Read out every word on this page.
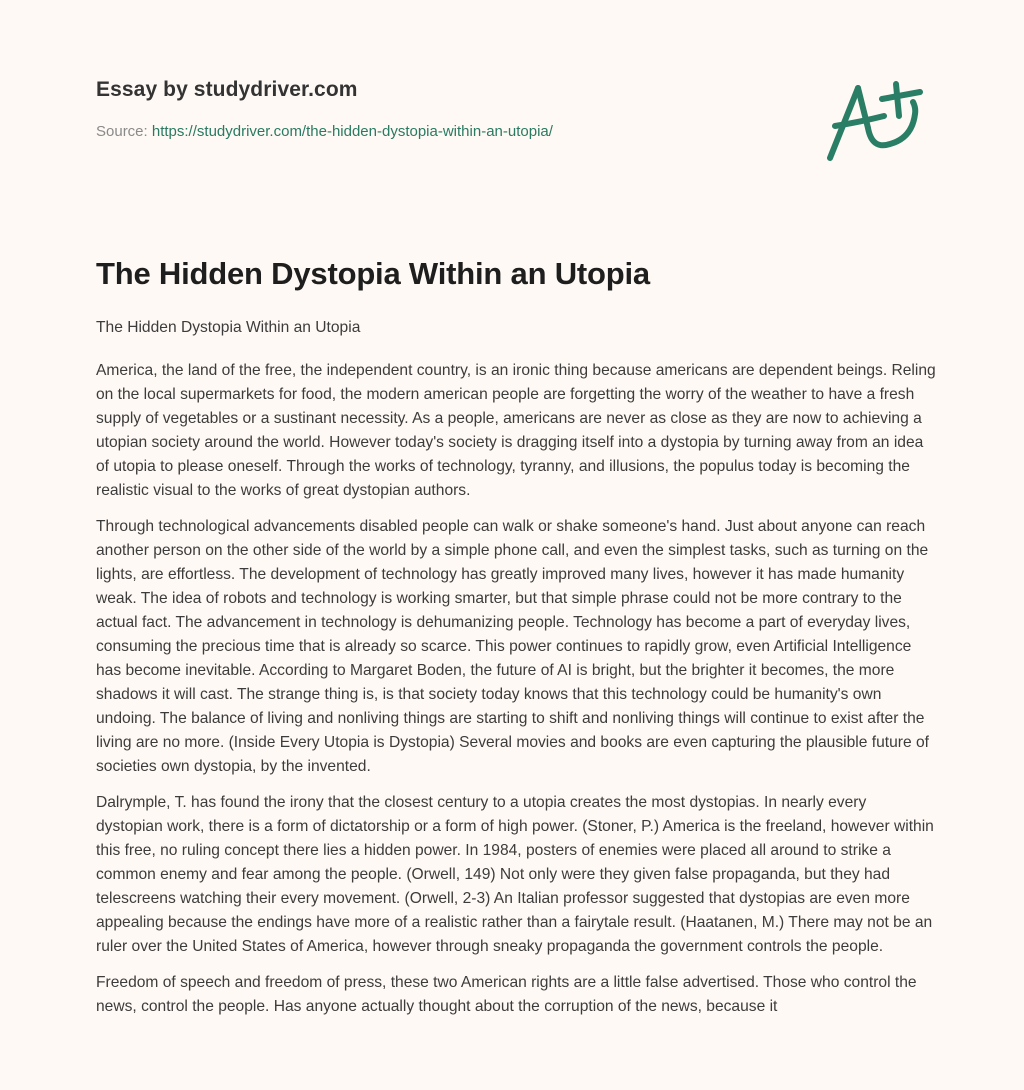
Essay by studydriver.com
Source: https://studydriver.com/the-hidden-dystopia-within-an-utopia/
The Hidden Dystopia Within an Utopia

The Hidden Dystopia Within an Utopia

America, the land of the free, the independent country, is an ironic thing because americans are dependent beings. Reling on the local supermarkets for food, the modern american people are forgetting the worry of the weather to have a fresh supply of vegetables or a sustinant necessity. As a people, americans are never as close as they are now to achieving a utopian society around the world. However today's society is dragging itself into a dystopia by turning away from an idea of utopia to please oneself. Through the works of technology, tyranny, and illusions, the populus today is becoming the realistic visual to the works of great dystopian authors.

Through technological advancements disabled people can walk or shake someone's hand. Just about anyone can reach another person on the other side of the world by a simple phone call, and even the simplest tasks, such as turning on the lights, are effortless. The development of technology has greatly improved many lives, however it has made humanity weak. The idea of robots and technology is working smarter, but that simple phrase could not be more contrary to the actual fact. The advancement in technology is dehumanizing people. Technology has become a part of everyday lives, consuming the precious time that is already so scarce. This power continues to rapidly grow, even Artificial Intelligence has become inevitable. According to Margaret Boden, the future of AI is bright, but the brighter it becomes, the more shadows it will cast. The strange thing is, is that society today knows that this technology could be humanity's own undoing. The balance of living and nonliving things are starting to shift and nonliving things will continue to exist after the living are no more. (Inside Every Utopia is Dystopia) Several movies and books are even capturing the plausible future of societies own dystopia, by the invented.

Dalrymple, T. has found the irony that the closest century to a utopia creates the most dystopias. In nearly every dystopian work, there is a form of dictatorship or a form of high power. (Stoner, P.) America is the freeland, however within this free, no ruling concept there lies a hidden power. In 1984, posters of enemies were placed all around to strike a common enemy and fear among the people. (Orwell, 149) Not only were they given false propaganda, but they had telescreens watching their every movement. (Orwell, 2-3) An Italian professor suggested that dystopias are even more appealing because the endings have more of a realistic rather than a fairytale result. (Haatanen, M.) There may not be an ruler over the United States of America, however through sneaky propaganda the government controls the people.

Freedom of speech and freedom of press, these two American rights are a little false advertised. Those who control the news, control the people. Has anyone actually thought about the corruption of the news, because it
